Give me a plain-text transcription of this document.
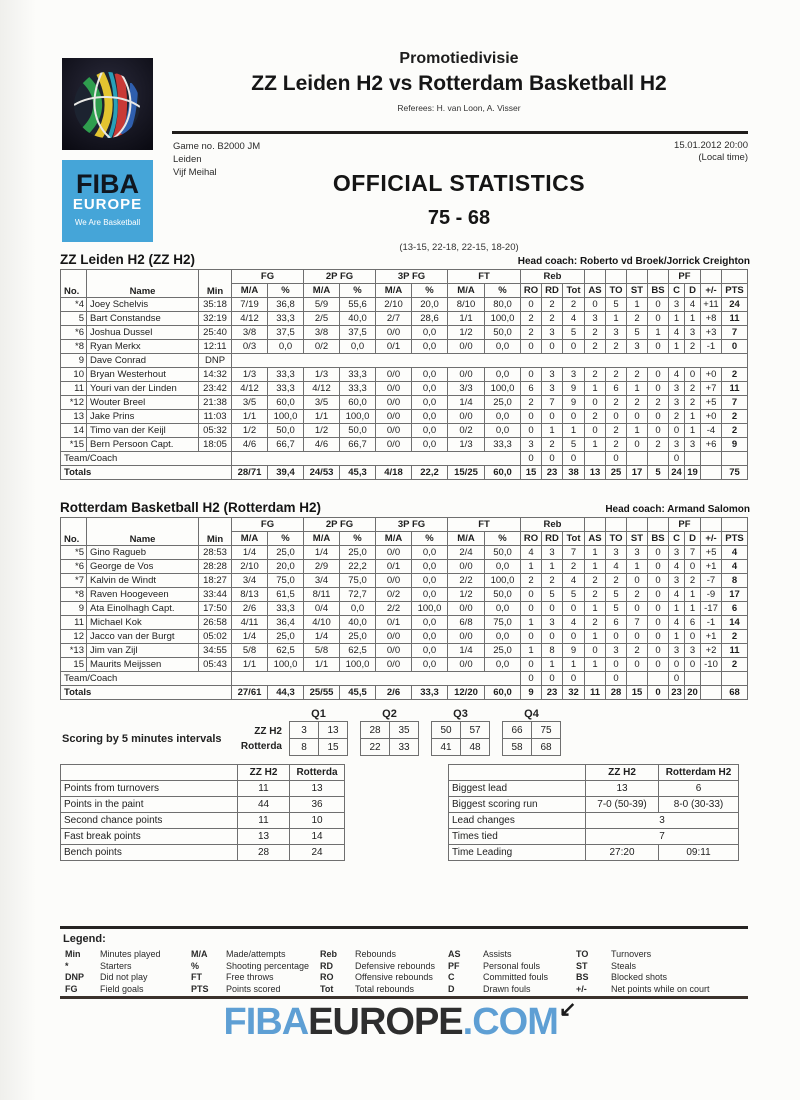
FIBA
EUROPE
We Are Basketball
Promotiedivisie
ZZ Leiden H2 vs Rotterdam Basketball H2
Referees: H. van Loon, A. Visser
Game no. B2000 JM
Leiden
Vijf Meihal
15.01.2012 20:00
(Local time)
OFFICIAL STATISTICS
75 - 68
(13-15, 22-18, 22-15, 18-20)
ZZ Leiden H2 (ZZ H2)	Head coach: Roberto vd Broek/Jorrick Creighton
No.	Name	Min	FG		2P FG		3P FG		FT		Reb							PF			
			M/A	%	M/A	%	M/A	%	M/A	%	RO	RD	Tot	AS	TO	ST	BS	C	D	+/-	PTS
*4	Joey Schelvis	35:18	7/19	36,8	5/9	55,6	2/10	20,0	8/10	80,0	0	2	2	0	5	1	0	3	4	+11	24
5	Bart Constandse	32:19	4/12	33,3	2/5	40,0	2/7	28,6	1/1	100,0	2	2	4	3	1	2	0	1	1	+8	11
*6	Joshua Dussel	25:40	3/8	37,5	3/8	37,5	0/0	0,0	1/2	50,0	2	3	5	2	3	5	1	4	3	+3	7
*8	Ryan Merkx	12:11	0/3	0,0	0/2	0,0	0/1	0,0	0/0	0,0	0	0	0	2	2	3	0	1	2	-1	0
9	Dave Conrad	DNP																			
10	Bryan Westerhout	14:32	1/3	33,3	1/3	33,3	0/0	0,0	0/0	0,0	0	3	3	2	2	2	0	4	0	+0	2
11	Youri van der Linden	23:42	4/12	33,3	4/12	33,3	0/0	0,0	3/3	100,0	6	3	9	1	6	1	0	3	2	+7	11
*12	Wouter Breel	21:38	3/5	60,0	3/5	60,0	0/0	0,0	1/4	25,0	2	7	9	0	2	2	2	3	2	+5	7
13	Jake Prins	11:03	1/1	100,0	1/1	100,0	0/0	0,0	0/0	0,0	0	0	0	2	0	0	0	2	1	+0	2
14	Timo van der Keijl	05:32	1/2	50,0	1/2	50,0	0/0	0,0	0/2	0,0	0	1	1	0	2	1	0	0	1	-4	2
*15	Bern Persoon Capt.	18:05	4/6	66,7	4/6	66,7	0/0	0,0	1/3	33,3	3	2	5	1	2	0	2	3	3	+6	9
Team/Coach											0	0	0		0			0			
Totals			28/71	39,4	24/53	45,3	4/18	22,2	15/25	60,0	15	23	38	13	25	17	5	24	19		75
Rotterdam Basketball H2 (Rotterdam H2)	Head coach: Armand Salomon
No.	Name	Min	FG		2P FG		3P FG		FT		Reb							PF			
			M/A	%	M/A	%	M/A	%	M/A	%	RO	RD	Tot	AS	TO	ST	BS	C	D	+/-	PTS
*5	Gino Ragueb	28:53	1/4	25,0	1/4	25,0	0/0	0,0	2/4	50,0	4	3	7	1	3	3	0	3	7	+5	4
*6	George de Vos	28:28	2/10	20,0	2/9	22,2	0/1	0,0	0/0	0,0	1	1	2	1	4	1	0	4	0	+1	4
*7	Kalvin de Windt	18:27	3/4	75,0	3/4	75,0	0/0	0,0	2/2	100,0	2	2	4	2	2	0	0	3	2	-7	8
*8	Raven Hoogeveen	33:44	8/13	61,5	8/11	72,7	0/2	0,0	1/2	50,0	0	5	5	2	5	2	0	4	1	-9	17
9	Ata Einolhagh Capt.	17:50	2/6	33,3	0/4	0,0	2/2	100,0	0/0	0,0	0	0	0	1	5	0	0	1	1	-17	6
11	Michael Kok	26:58	4/11	36,4	4/10	40,0	0/1	0,0	6/8	75,0	1	3	4	2	6	7	0	4	6	-1	14
12	Jacco van der Burgt	05:02	1/4	25,0	1/4	25,0	0/0	0,0	0/0	0,0	0	0	0	1	0	0	0	1	0	+1	2
*13	Jim van Zijl	34:55	5/8	62,5	5/8	62,5	0/0	0,0	1/4	25,0	1	8	9	0	3	2	0	3	3	+2	11
15	Maurits Meijssen	05:43	1/1	100,0	1/1	100,0	0/0	0,0	0/0	0,0	0	1	1	1	0	0	0	0	0	-10	2
Team/Coach											0	0	0		0			0			
Totals			27/61	44,3	25/55	45,5	2/6	33,3	12/20	60,0	9	23	32	11	28	15	0	23	20		68
Scoring by 5 minutes intervals
ZZ H2
Rotterda
Q1
3	13
8	15
Q2
28	35
22	33
Q3
50	57
41	48
Q4
66	75
58	68
	ZZ H2	Rotterda
Points from turnovers	11	13
Points in the paint	44	36
Second chance points	11	10
Fast break points	13	14
Bench points	28	24
	ZZ H2	Rotterdam H2
Biggest lead	13	6
Biggest scoring run	7-0 (50-39)	8-0 (30-33)
Lead changes	3	
Times tied	7	
Time Leading	27:20	09:11
Legend:
Min Minutes played
*	Starters
DNP Did not play
FG	Field goals
M/A Made/attempts
%	Shooting percentage
FT	Free throws
PTS Points scored
Reb Rebounds
RD Defensive rebounds
RO Offensive rebounds
Tot Total rebounds
AS Assists
PF	Personal fouls
C	Committed fouls
D	Drawn fouls
TO	Turnovers
ST	Steals
BS Blocked shots
+/-	Net points while on court
FIBAEUROPE.COM↙
